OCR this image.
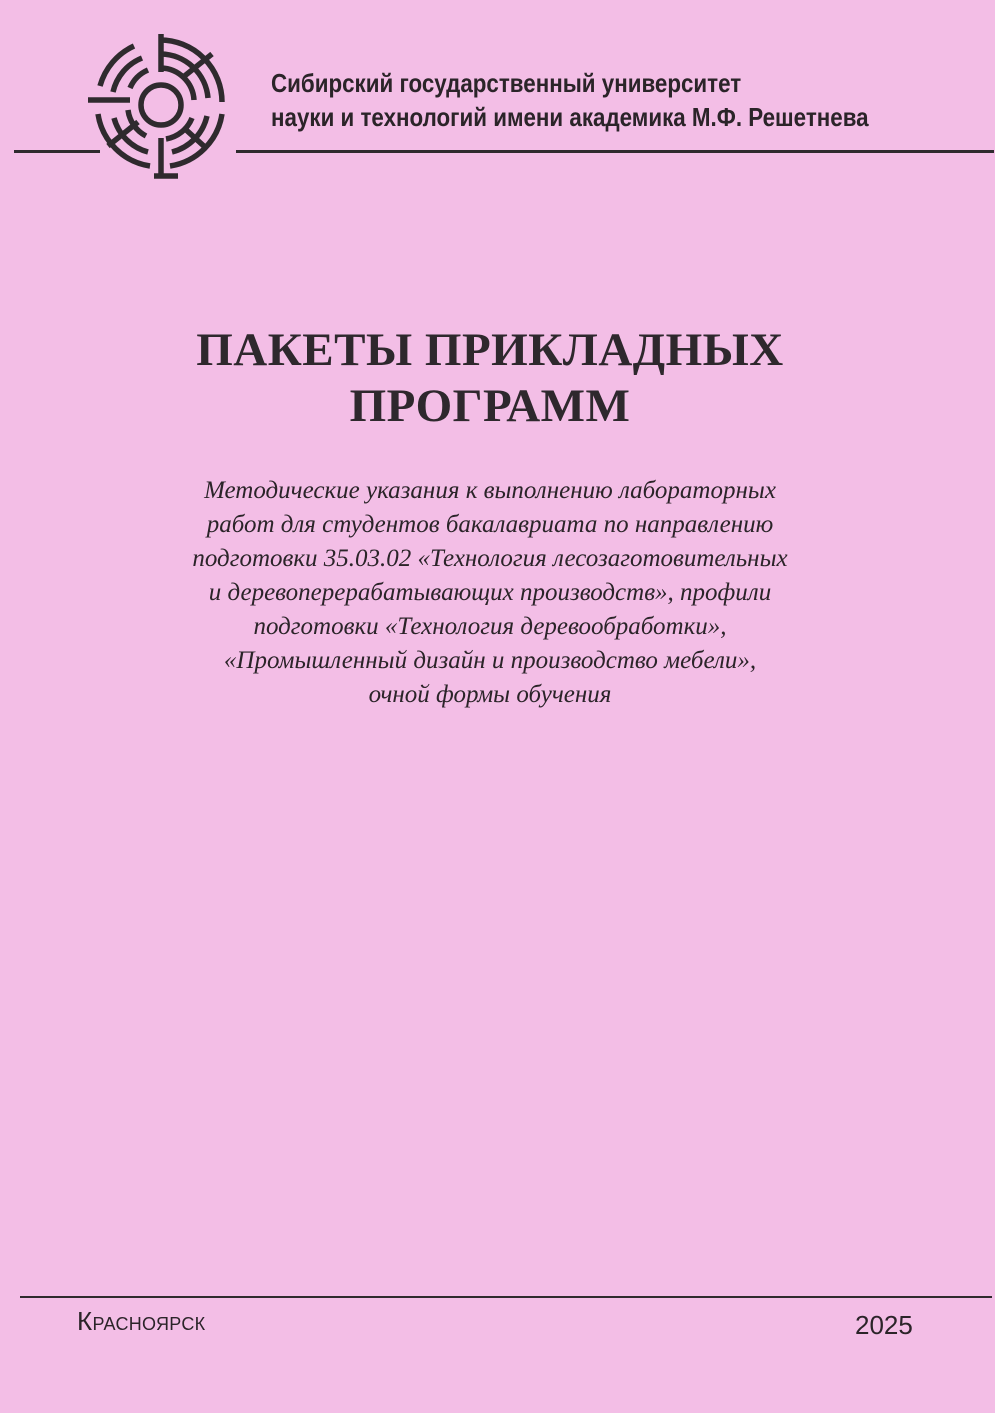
Сибирский государственный университет
науки и технологий имени академика М.Ф. Решетнева
ПАКЕТЫ ПРИКЛАДНЫХ
ПРОГРАММ
Методические указания к выполнению лабораторных
работ для студентов бакалавриата по направлению
подготовки 35.03.02 «Технология лесозаготовительных
и деревоперерабатывающих производств», профили
подготовки «Технология деревообработки»,
«Промышленный дизайн и производство мебели»,
очной формы обучения
Красноярск	2025
